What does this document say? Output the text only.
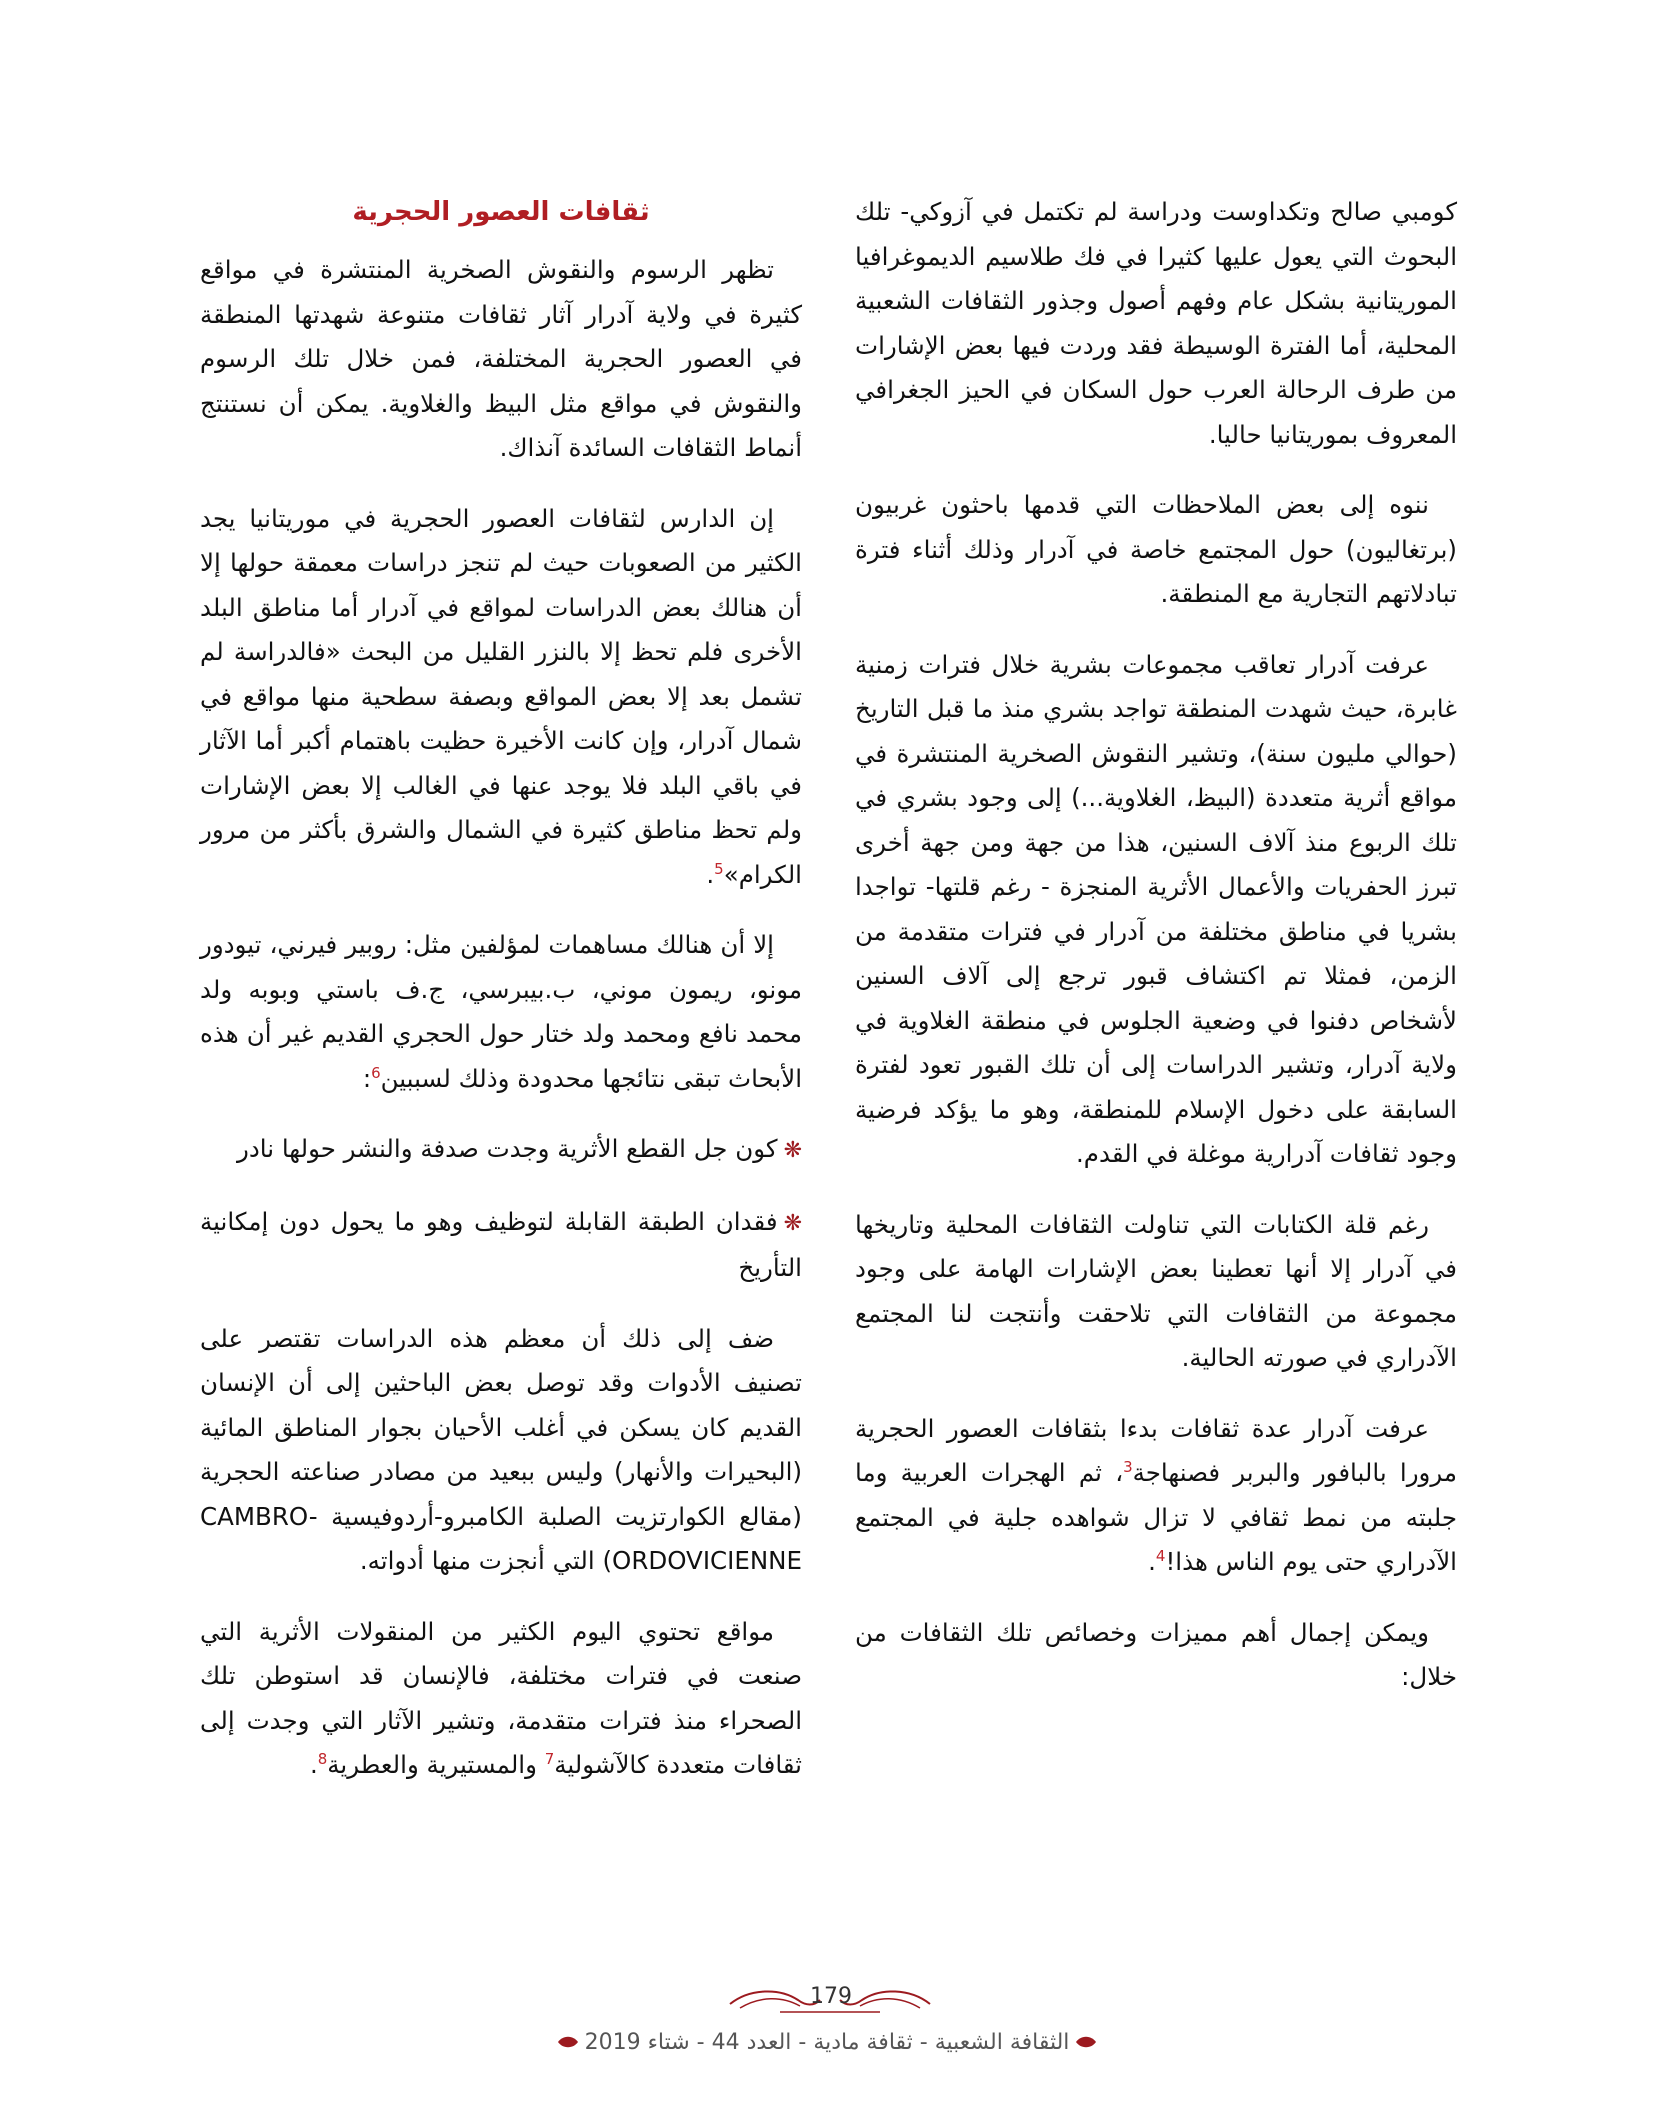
كومبي صالح وتكداوست ودراسة لم تكتمل في آزوكي- تلك البحوث التي يعول عليها كثيرا في فك طلاسيم الديموغرافيا الموريتانية بشكل عام وفهم أصول وجذور الثقافات الشعبية المحلية، أما الفترة الوسيطة فقد وردت فيها بعض الإشارات من طرف الرحالة العرب حول السكان في الحيز الجغرافي المعروف بموريتانيا حاليا.

ننوه إلى بعض الملاحظات التي قدمها باحثون غربيون (برتغاليون) حول المجتمع خاصة في آدرار وذلك أثناء فترة تبادلاتهم التجارية مع المنطقة.

عرفت آدرار تعاقب مجموعات بشرية خلال فترات زمنية غابرة، حيث شهدت المنطقة تواجد بشري منذ ما قبل التاريخ (حوالي مليون سنة)، وتشير النقوش الصخرية المنتشرة في مواقع أثرية متعددة (البيظ، الغلاوية...) إلى وجود بشري في تلك الربوع منذ آلاف السنين، هذا من جهة ومن جهة أخرى تبرز الحفريات والأعمال الأثرية المنجزة - رغم قلتها- تواجدا بشريا في مناطق مختلفة من آدرار في فترات متقدمة من الزمن، فمثلا تم اكتشاف قبور ترجع إلى آلاف السنين لأشخاص دفنوا في وضعية الجلوس في منطقة الغلاوية في ولاية آدرار، وتشير الدراسات إلى أن تلك القبور تعود لفترة السابقة على دخول الإسلام للمنطقة، وهو ما يؤكد فرضية وجود ثقافات آدرارية موغلة في القدم.

رغم قلة الكتابات التي تناولت الثقافات المحلية وتاريخها في آدرار إلا أنها تعطينا بعض الإشارات الهامة على وجود مجموعة من الثقافات التي تلاحقت وأنتجت لنا المجتمع الآدراري في صورته الحالية.

عرفت آدرار عدة ثقافات بدءا بثقافات العصور الحجرية مرورا بالبافور والبربر فصنهاجة$^3$، ثم الهجرات العربية وما جلبته من نمط ثقافي لا تزال شواهده جلية في المجتمع الآدراري حتى يوم الناس هذا!$^4$.

ويمكن إجمال أهم مميزات وخصائص تلك الثقافات من خلال:

ثقافات العصور الحجرية

تظهر الرسوم والنقوش الصخرية المنتشرة في مواقع كثيرة في ولاية آدرار آثار ثقافات متنوعة شهدتها المنطقة في العصور الحجرية المختلفة، فمن خلال تلك الرسوم والنقوش في مواقع مثل البيظ والغلاوية. يمكن أن نستنتج أنماط الثقافات السائدة آنذاك.

إن الدارس لثقافات العصور الحجرية في موريتانيا يجد الكثير من الصعوبات حيث لم تنجز دراسات معمقة حولها إلا أن هنالك بعض الدراسات لمواقع في آدرار أما مناطق البلد الأخرى فلم تحظ إلا بالنزر القليل من البحث «فالدراسة لم تشمل بعد إلا بعض المواقع وبصفة سطحية منها مواقع في شمال آدرار، وإن كانت الأخيرة حظيت باهتمام أكبر أما الآثار في باقي البلد فلا يوجد عنها في الغالب إلا بعض الإشارات ولم تحظ مناطق كثيرة في الشمال والشرق بأكثر من مرور الكرام»$^5$.

إلا أن هنالك مساهمات لمؤلفين مثل: روبير فيرني، تيودور مونو، ريمون موني، ب.بيبرسي، ج.ف باستي وبوبه ولد محمد نافع ومحمد ولد ختار حول الحجري القديم غير أن هذه الأبحاث تبقى نتائجها محدودة وذلك لسببين$^6$:

❋كون جل القطع الأثرية وجدت صدفة والنشر حولها نادر

❋فقدان الطبقة القابلة لتوظيف وهو ما يحول دون إمكانية التأريخ

ضف إلى ذلك أن معظم هذه الدراسات تقتصر على تصنيف الأدوات وقد توصل بعض الباحثين إلى أن الإنسان القديم كان يسكن في أغلب الأحيان بجوار المناطق المائية (البحيرات والأنهار) وليس ببعيد من مصادر صناعته الحجرية (مقالع الكوارتزيت الصلبة الكامبرو-أردوفيسية CAMBRO-ORDOVICIENNE) التي أنجزت منها أدواته.

مواقع تحتوي اليوم الكثير من المنقولات الأثرية التي صنعت في فترات مختلفة، فالإنسان قد استوطن تلك الصحراء منذ فترات متقدمة، وتشير الآثار التي وجدت إلى ثقافات متعددة كالآشولية$^7$ والمستيرية والعطرية$^8$.

179
الثقافة الشعبية - ثقافة مادية - العدد 44 - شتاء 2019
